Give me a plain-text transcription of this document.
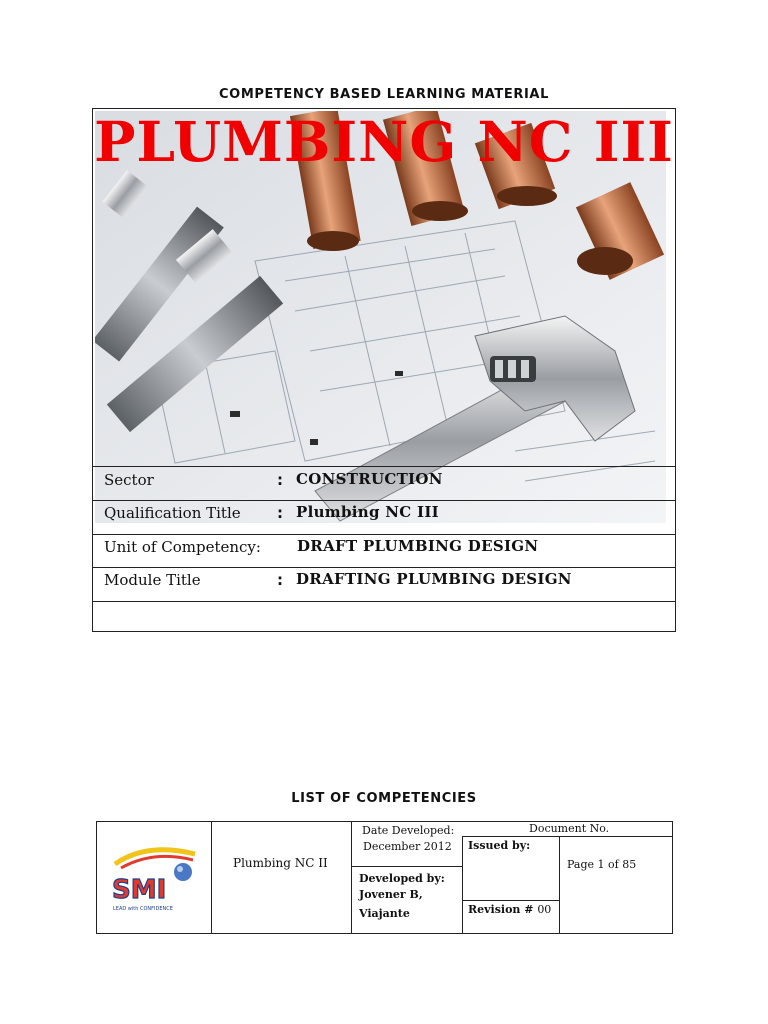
COMPETENCY BASED LEARNING MATERIAL
PLUMBING NC III
Sector	: CONSTRUCTION
Qualification Title : Plumbing NC III
Unit of Competency: DRAFT PLUMBING DESIGN
Module Title	: DRAFTING PLUMBING DESIGN
LIST OF COMPETENCIES
SMI
LEAD with CONFIDENCE
Plumbing NC II
Date Developed:
December 2012
Developed by:
Jovener B,
Viajante
Document No.
Issued by:
Revision # 00
Page 1 of 85
